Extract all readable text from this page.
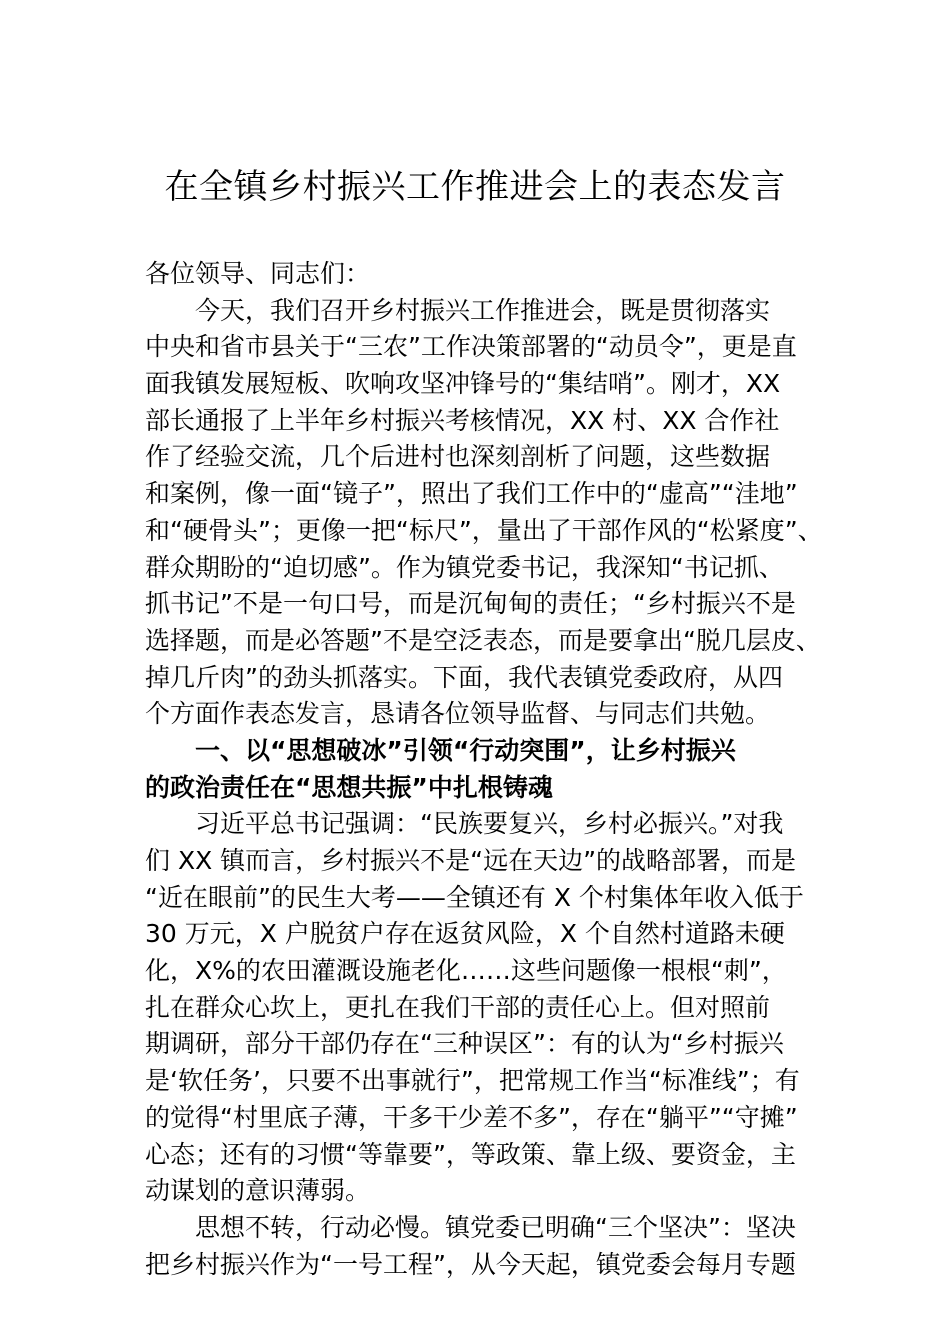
在全镇乡村振兴工作推进会上的表态发言
各位领导、同志们：
今天，我们召开乡村振兴工作推进会，既是贯彻落实
中央和省市县关于“三农”工作决策部署的“动员令”，更是直
面我镇发展短板、吹响攻坚冲锋号的“集结哨”。刚才，XX
部长通报了上半年乡村振兴考核情况，XX 村、XX 合作社
作了经验交流，几个后进村也深刻剖析了问题，这些数据
和案例，像一面“镜子”，照出了我们工作中的“虚高”“洼地”
和“硬骨头”；更像一把“标尺”，量出了干部作风的“松紧度”、
群众期盼的“迫切感”。作为镇党委书记，我深知“书记抓、
抓书记”不是一句口号，而是沉甸甸的责任；“乡村振兴不是
选择题，而是必答题”不是空泛表态，而是要拿出“脱几层皮、
掉几斤肉”的劲头抓落实。下面，我代表镇党委政府，从四
个方面作表态发言，恳请各位领导监督、与同志们共勉。
一、以“思想破冰”引领“行动突围”，让乡村振兴
的政治责任在“思想共振”中扎根铸魂
习近平总书记强调：“民族要复兴，乡村必振兴。”对我
们 XX 镇而言，乡村振兴不是“远在天边”的战略部署，而是
“近在眼前”的民生大考——全镇还有 X 个村集体年收入低于
30 万元，X 户脱贫户存在返贫风险，X 个自然村道路未硬
化，X%的农田灌溉设施老化……这些问题像一根根“刺”，
扎在群众心坎上，更扎在我们干部的责任心上。但对照前
期调研，部分干部仍存在“三种误区”：有的认为“乡村振兴
是‘软任务’，只要不出事就行”，把常规工作当“标准线”；有
的觉得“村里底子薄，干多干少差不多”，存在“躺平”“守摊”
心态；还有的习惯“等靠要”，等政策、靠上级、要资金，主
动谋划的意识薄弱。
思想不转，行动必慢。镇党委已明确“三个坚决”：坚决
把乡村振兴作为“一号工程”，从今天起，镇党委会每月专题
